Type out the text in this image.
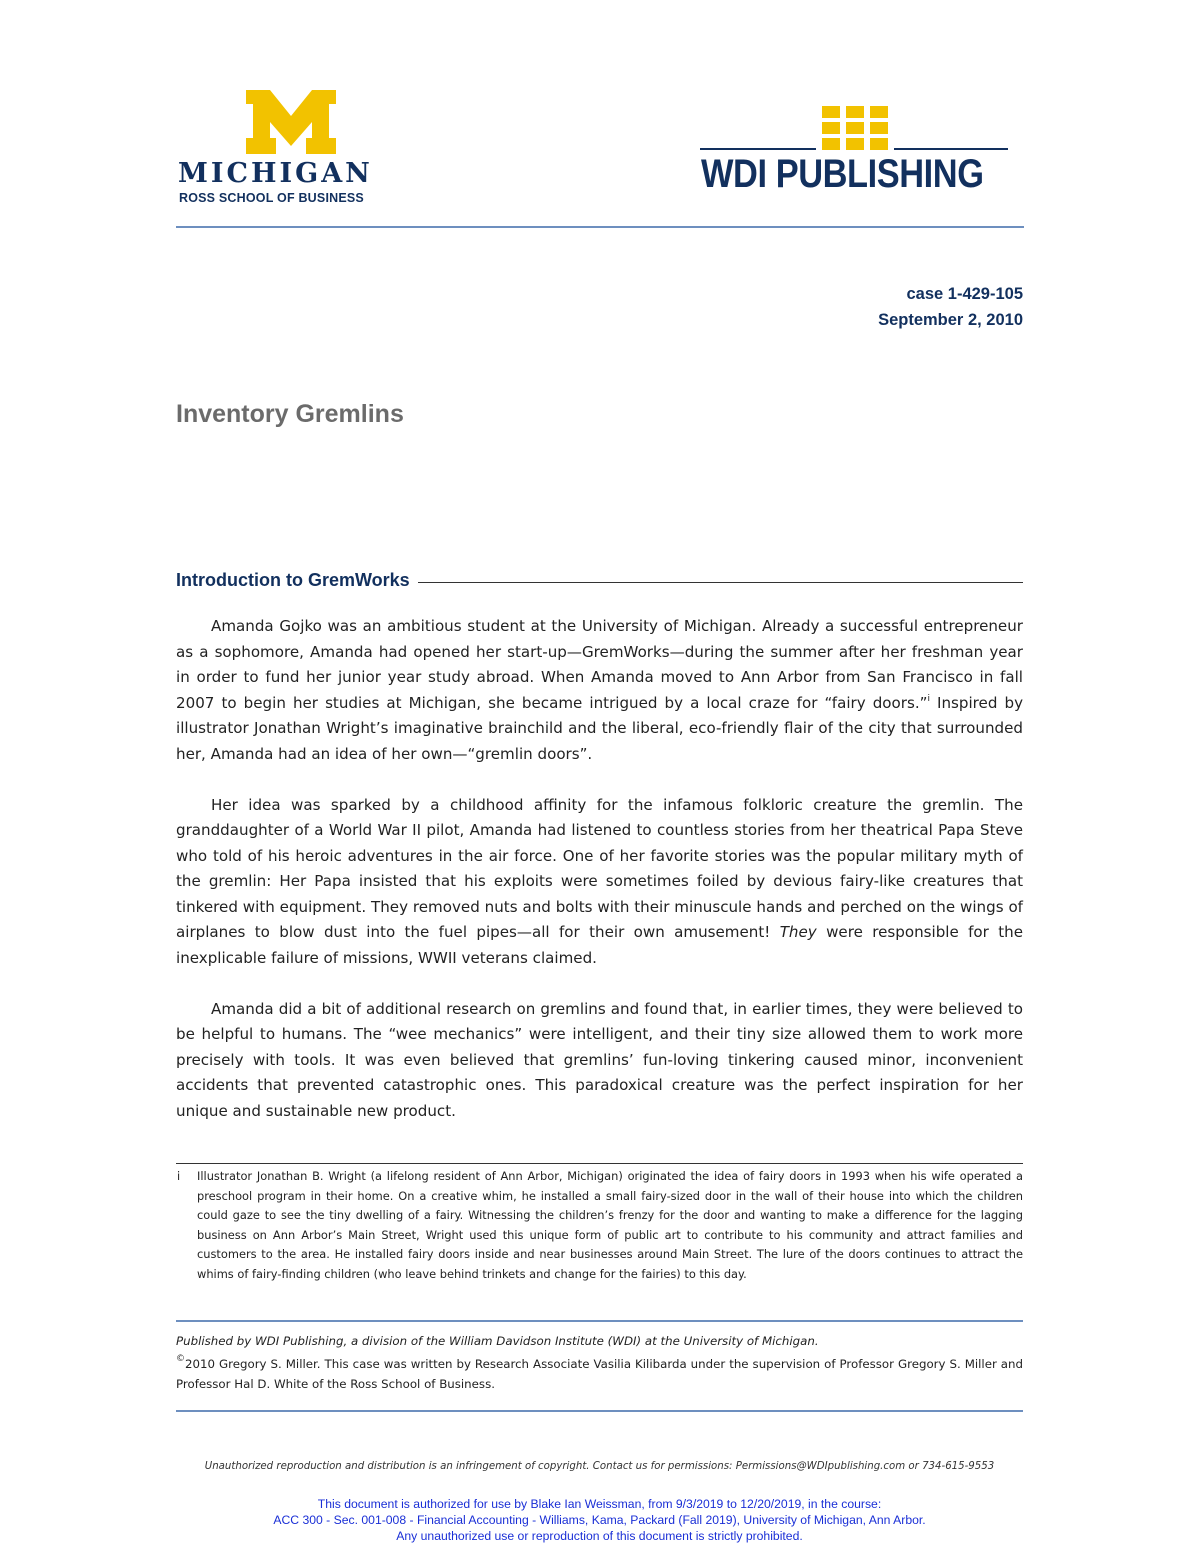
MICHIGAN
ROSS SCHOOL OF BUSINESS
WDI PUBLISHING
case 1-429-105
September 2, 2010
Inventory Gremlins
Introduction to GremWorks

Amanda Gojko was an ambitious student at the University of Michigan. Already a successful entrepreneur as a sophomore, Amanda had opened her start-up—GremWorks—during the summer after her freshman year in order to fund her junior year study abroad. When Amanda moved to Ann Arbor from San Francisco in fall 2007 to begin her studies at Michigan, she became intrigued by a local craze for “fairy doors.”$^i$ Inspired by illustrator Jonathan Wright’s imaginative brainchild and the liberal, eco-friendly flair of the city that surrounded her, Amanda had an idea of her own—“gremlin doors”.

Her idea was sparked by a childhood affinity for the infamous folkloric creature the gremlin. The granddaughter of a World War II pilot, Amanda had listened to countless stories from her theatrical Papa Steve who told of his heroic adventures in the air force. One of her favorite stories was the popular military myth of the gremlin: Her Papa insisted that his exploits were sometimes foiled by devious fairy-like creatures that tinkered with equipment. They removed nuts and bolts with their minuscule hands and perched on the wings of airplanes to blow dust into the fuel pipes—all for their own amusement! They were responsible for the inexplicable failure of missions, WWII veterans claimed.

Amanda did a bit of additional research on gremlins and found that, in earlier times, they were believed to be helpful to humans. The “wee mechanics” were intelligent, and their tiny size allowed them to work more precisely with tools. It was even believed that gremlins’ fun-loving tinkering caused minor, inconvenient accidents that prevented catastrophic ones. This paradoxical creature was the perfect inspiration for her unique and sustainable new product.

i	Illustrator Jonathan B. Wright (a lifelong resident of Ann Arbor, Michigan) originated the idea of fairy doors in 1993 when his wife operated a preschool program in their home. On a creative whim, he installed a small fairy-sized door in the wall of their house into which the children could gaze to see the tiny dwelling of a fairy. Witnessing the children’s frenzy for the door and wanting to make a difference for the lagging business on Ann Arbor’s Main Street, Wright used this unique form of public art to contribute to his community and attract families and customers to the area. He installed fairy doors inside and near businesses around Main Street. The lure of the doors continues to attract the whims of fairy-finding children (who leave behind trinkets and change for the fairies) to this day.
Published by WDI Publishing, a division of the William Davidson Institute (WDI) at the University of Michigan.
©2010 Gregory S. Miller. This case was written by Research Associate Vasilia Kilibarda under the supervision of Professor Gregory S. Miller and Professor Hal D. White of the Ross School of Business.
Unauthorized reproduction and distribution is an infringement of copyright. Contact us for permissions: Permissions@WDIpublishing.com or 734-615-9553
This document is authorized for use by Blake Ian Weissman, from 9/3/2019 to 12/20/2019, in the course:
ACC 300 - Sec. 001-008 - Financial Accounting - Williams, Kama, Packard (Fall 2019), University of Michigan, Ann Arbor.
Any unauthorized use or reproduction of this document is strictly prohibited.
